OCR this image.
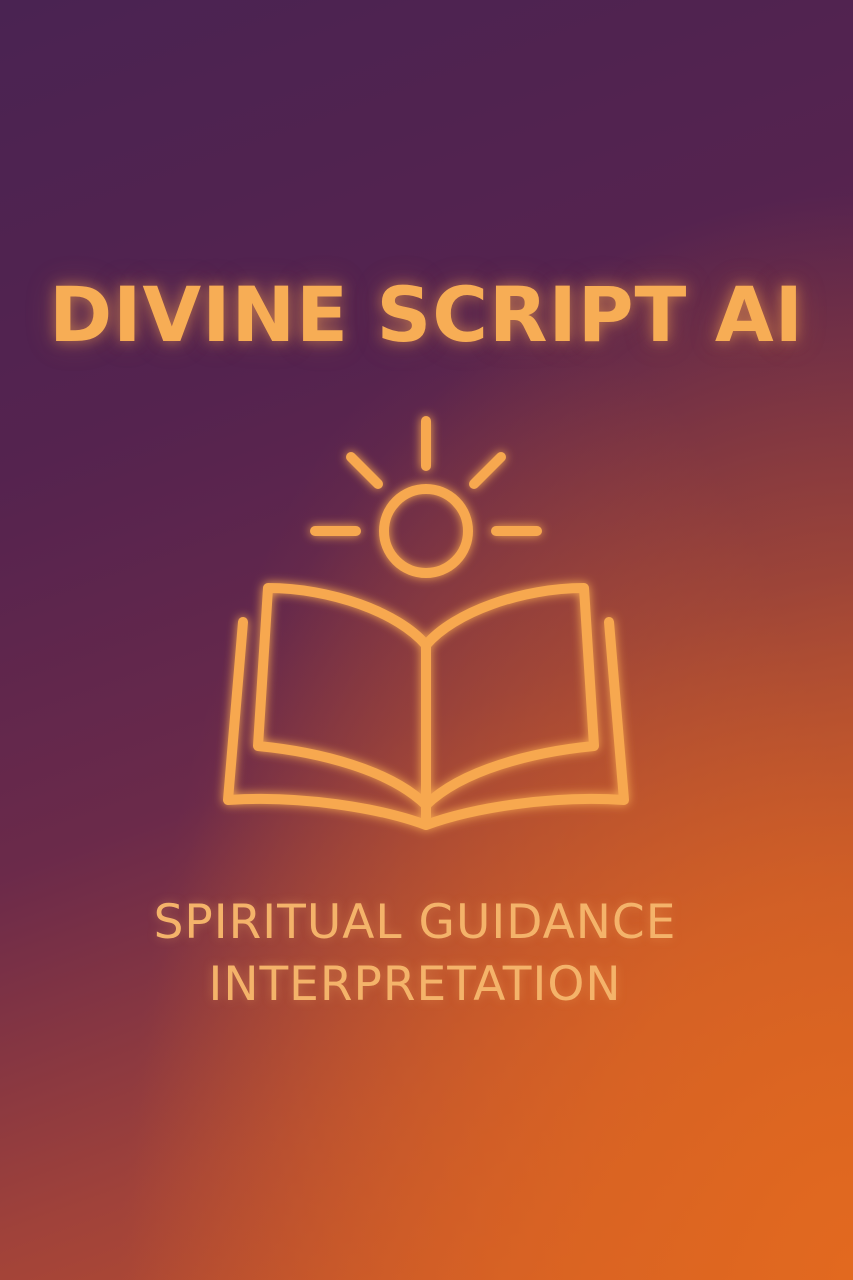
DIVINE SCRIPT AI
SPIRITUAL GUIDANCE
INTERPRETATION
